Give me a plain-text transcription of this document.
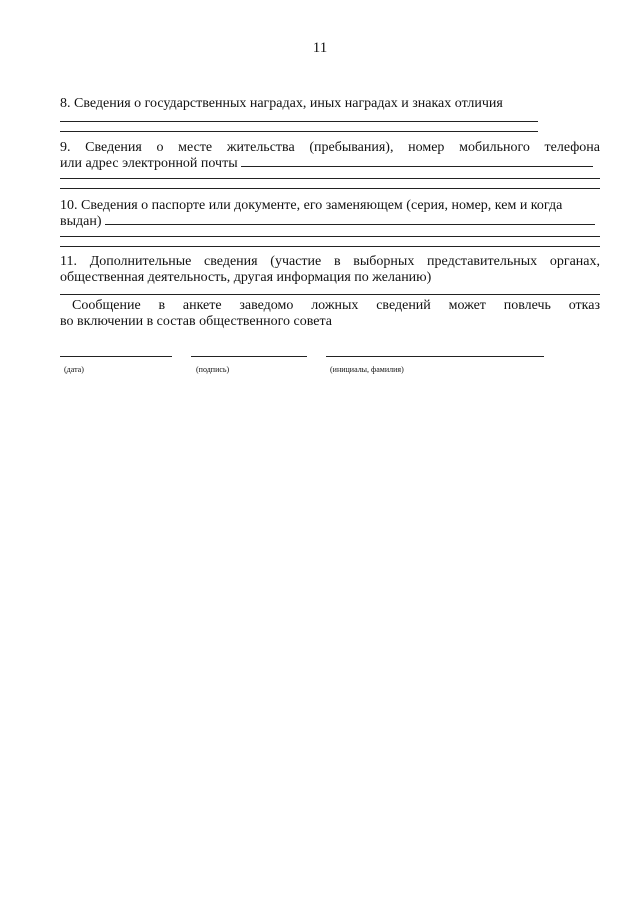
11
8. Сведения о государственных наградах, иных наградах и знаках отличия
9. Сведения о месте жительства (пребывания), номер мобильного телефона
или адрес электронной почты
10. Сведения о паспорте или документе, его заменяющем (серия, номер, кем и когда
выдан)
11. Дополнительные сведения (участие в выборных представительных органах,
общественная деятельность, другая информация по желанию)
Сообщение в анкете заведомо ложных сведений может повлечь отказ
во включении в состав общественного совета
(дата)	(подпись)	(инициалы, фамилия)
